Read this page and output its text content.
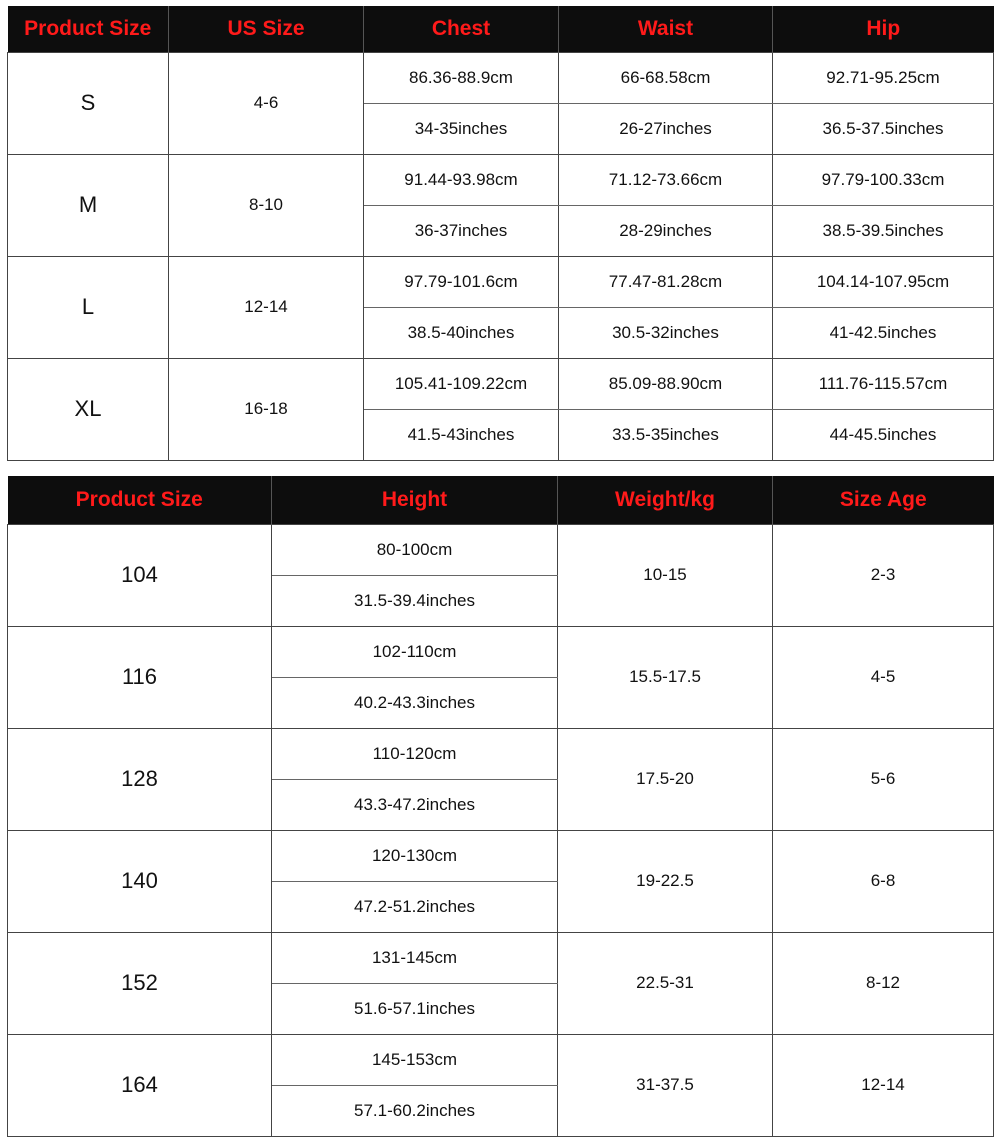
Product Size	US Size	Chest	Waist	Hip
S	4-6	86.36-88.9cm	66-68.58cm	92.71-95.25cm
		34-35inches	26-27inches	36.5-37.5inches
M	8-10	91.44-93.98cm	71.12-73.66cm	97.79-100.33cm
		36-37inches	28-29inches	38.5-39.5inches
L	12-14	97.79-101.6cm	77.47-81.28cm	104.14-107.95cm
		38.5-40inches	30.5-32inches	41-42.5inches
XL	16-18	105.41-109.22cm	85.09-88.90cm	111.76-115.57cm
		41.5-43inches	33.5-35inches	44-45.5inches
Product Size	Height	Weight/kg	Size Age
104	80-100cm	10-15	2-3
	31.5-39.4inches		
116	102-110cm	15.5-17.5	4-5
	40.2-43.3inches		
128	110-120cm	17.5-20	5-6
	43.3-47.2inches		
140	120-130cm	19-22.5	6-8
	47.2-51.2inches		
152	131-145cm	22.5-31	8-12
	51.6-57.1inches		
164	145-153cm	31-37.5	12-14
	57.1-60.2inches		
